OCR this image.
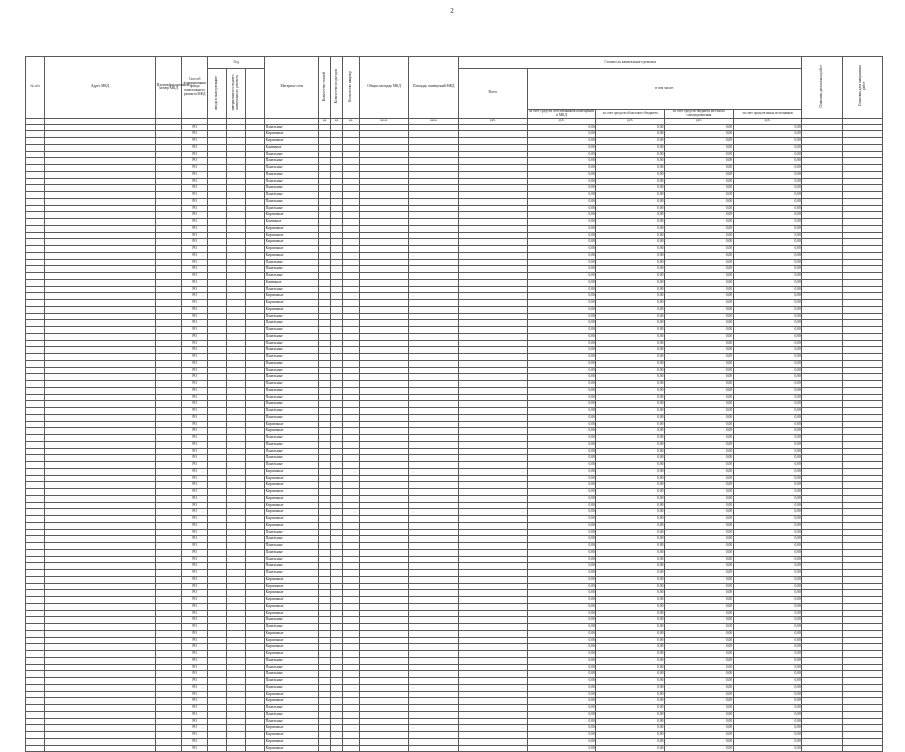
2
№ п/п	Адрес МКД	Идентификационный номер МКД	Способ формирования фонда капитального ремонта МКД	Год			Материал стен	Количество этажей	Количество подъездов	Количество квартир	Общая площадь МКД	Площадь помещений МКД	Стоимость капитального ремонта					Плановая дата начала работ	Плановая дата завершения работ
				ввода в эксплуатацию	завершения последнего капитального ремонта								Всего	в том числе:					
														за счет средств собственников помещений в МКД	за счет средств областного бюджета	за счет средств бюджета местного самоуправления	за счет средств иных источников		
								ед.	ед.	ед.	кв.м.	кв.м.	руб.	руб.	руб.	руб.	руб.		
			РО				Панельные							0,00	0,00	0,00	0,00		
			РО				Кирпичные							0,00	0,00	0,00	0,00		
			РО				Кирпичные							0,00	0,00	0,00	0,00		
			РО				Каменные							0,00	0,00	0,00	0,00		
			РО				Панельные							0,00	0,00	0,00	0,00		
			РО				Панельные							0,00	0,00	0,00	0,00		
			РО				Панельные							0,00	0,00	0,00	0,00		
			РО				Панельные							0,00	0,00	0,00	0,00		
			РО				Панельные							0,00	0,00	0,00	0,00		
			РО				Панельные							0,00	0,00	0,00	0,00		
			РО				Панельные							0,00	0,00	0,00	0,00		
			РО				Панельные							0,00	0,00	0,00	0,00		
			РО				Панельные							0,00	0,00	0,00	0,00		
			РО				Кирпичные							0,00	0,00	0,00	0,00		
			РО				Каменные							0,00	0,00	0,00	0,00		
			РО				Кирпичные							0,00	0,00	0,00	0,00		
			РО				Кирпичные							0,00	0,00	0,00	0,00		
			РО				Кирпичные							0,00	0,00	0,00	0,00		
			РО				Кирпичные							0,00	0,00	0,00	0,00		
			РО				Кирпичные							0,00	0,00	0,00	0,00		
			РО				Панельные							0,00	0,00	0,00	0,00		
			РО				Панельные							0,00	0,00	0,00	0,00		
			РО				Панельные							0,00	0,00	0,00	0,00		
			РО				Каменные							0,00	0,00	0,00	0,00		
			РО				Панельные							0,00	0,00	0,00	0,00		
			РО				Кирпичные							0,00	0,00	0,00	0,00		
			РО				Кирпичные							0,00	0,00	0,00	0,00		
			РО				Кирпичные							0,00	0,00	0,00	0,00		
			РО				Панельные							0,00	0,00	0,00	0,00		
			РО				Панельные							0,00	0,00	0,00	0,00		
			РО				Панельные							0,00	0,00	0,00	0,00		
			РО				Панельные							0,00	0,00	0,00	0,00		
			РО				Панельные							0,00	0,00	0,00	0,00		
			РО				Панельные							0,00	0,00	0,00	0,00		
			РО				Панельные							0,00	0,00	0,00	0,00		
			РО				Панельные							0,00	0,00	0,00	0,00		
			РО				Панельные							0,00	0,00	0,00	0,00		
			РО				Панельные							0,00	0,00	0,00	0,00		
			РО				Панельные							0,00	0,00	0,00	0,00		
			РО				Панельные							0,00	0,00	0,00	0,00		
			РО				Панельные							0,00	0,00	0,00	0,00		
			РО				Панельные							0,00	0,00	0,00	0,00		
			РО				Панельные							0,00	0,00	0,00	0,00		
			РО				Панельные							0,00	0,00	0,00	0,00		
			РО				Кирпичные							0,00	0,00	0,00	0,00		
			РО				Кирпичные							0,00	0,00	0,00	0,00		
			РО				Панельные							0,00	0,00	0,00	0,00		
			РО				Панельные							0,00	0,00	0,00	0,00		
			РО				Панельные							0,00	0,00	0,00	0,00		
			РО				Панельные							0,00	0,00	0,00	0,00		
			РО				Панельные							0,00	0,00	0,00	0,00		
			РО				Кирпичные							0,00	0,00	0,00	0,00		
			РО				Кирпичные							0,00	0,00	0,00	0,00		
			РО				Кирпичные							0,00	0,00	0,00	0,00		
			РО				Кирпичные							0,00	0,00	0,00	0,00		
			РО				Кирпичные							0,00	0,00	0,00	0,00		
			РО				Кирпичные							0,00	0,00	0,00	0,00		
			РО				Кирпичные							0,00	0,00	0,00	0,00		
			РО				Кирпичные							0,00	0,00	0,00	0,00		
			РО				Кирпичные							0,00	0,00	0,00	0,00		
			РО				Панельные							0,00	0,00	0,00	0,00		
			РО				Панельные							0,00	0,00	0,00	0,00		
			РО				Панельные							0,00	0,00	0,00	0,00		
			РО				Панельные							0,00	0,00	0,00	0,00		
			РО				Панельные							0,00	0,00	0,00	0,00		
			РО				Панельные							0,00	0,00	0,00	0,00		
			РО				Панельные							0,00	0,00	0,00	0,00		
			РО				Кирпичные							0,00	0,00	0,00	0,00		
			РО				Кирпичные							0,00	0,00	0,00	0,00		
			РО				Кирпичные							0,00	0,00	0,00	0,00		
			РО				Кирпичные							0,00	0,00	0,00	0,00		
			РО				Кирпичные							0,00	0,00	0,00	0,00		
			РО				Кирпичные							0,00	0,00	0,00	0,00		
			РО				Панельные							0,00	0,00	0,00	0,00		
			РО				Панельные							0,00	0,00	0,00	0,00		
			РО				Кирпичные							0,00	0,00	0,00	0,00		
			РО				Кирпичные							0,00	0,00	0,00	0,00		
			РО				Кирпичные							0,00	0,00	0,00	0,00		
			РО				Кирпичные							0,00	0,00	0,00	0,00		
			РО				Панельные							0,00	0,00	0,00	0,00		
			РО				Панельные							0,00	0,00	0,00	0,00		
			РО				Панельные							0,00	0,00	0,00	0,00		
			РО				Панельные							0,00	0,00	0,00	0,00		
			РО				Панельные							0,00	0,00	0,00	0,00		
			РО				Кирпичные							0,00	0,00	0,00	0,00		
			РО				Кирпичные							0,00	0,00	0,00	0,00		
			РО				Панельные							0,00	0,00	0,00	0,00		
			РО				Панельные							0,00	0,00	0,00	0,00		
			РО				Панельные							0,00	0,00	0,00	0,00		
			РО				Кирпичные							0,00	0,00	0,00	0,00		
			РО				Кирпичные							0,00	0,00	0,00	0,00		
			РО				Кирпичные							0,00	0,00	0,00	0,00		
			РО				Кирпичные							0,00	0,00	0,00	0,00		
